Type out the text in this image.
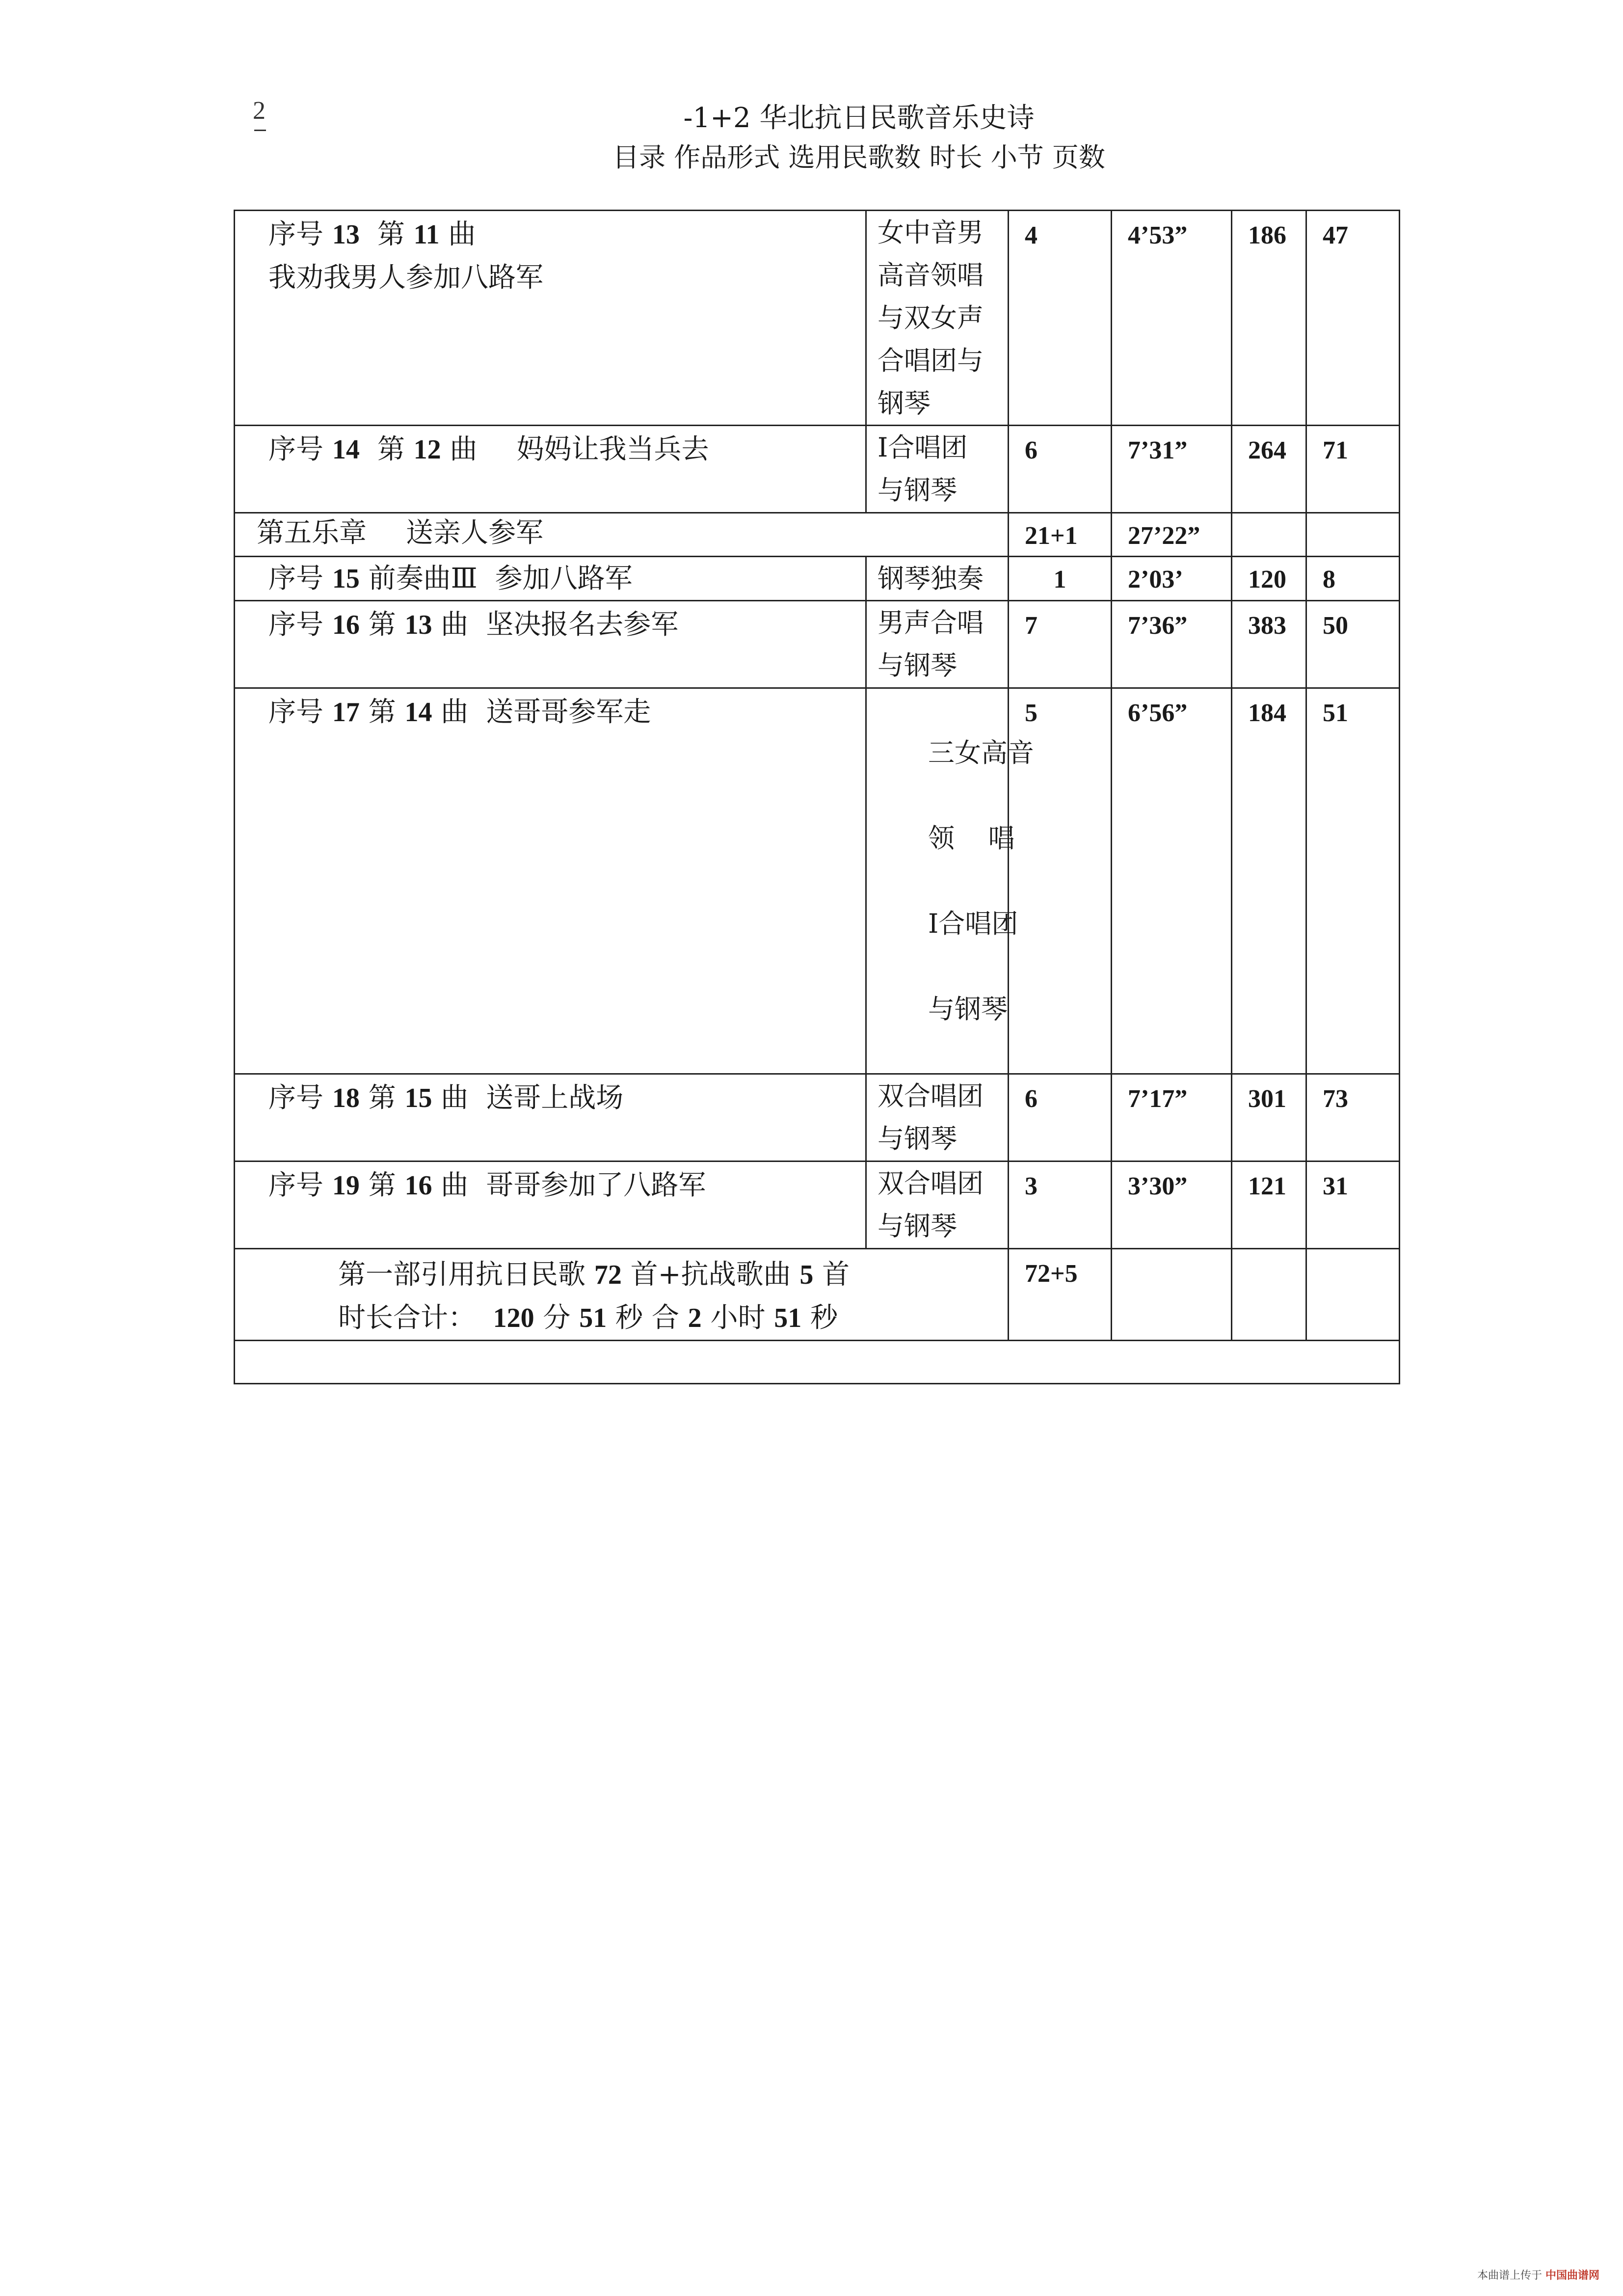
2	-1+2 华北抗日民歌音乐史诗
目录 作品形式 选用民歌数 时长 小节 页数
序号 13 第 11 曲
我劝我男人参加八路军	女中音男
高音领唱
与双女声
合唱团与
钢琴	4	4’53”	186	47
序号 14 第 12 曲 妈妈让我当兵去	Ⅰ合唱团
与钢琴	6	7’31”	264	71
第五乐章 送亲人参军		21+1	27’22”		
序号 15 前奏曲Ⅲ 参加八路军	钢琴独奏	1	2’03’	120	8
序号 16 第 13 曲 坚决报名去参军	男声合唱
与钢琴	7	7’36”	383	50
序号 17 第 14 曲 送哥哥参军走	三女高音

领    唱

Ⅰ合唱团

与钢琴	5	6’56”	184	51
序号 18 第 15 曲 送哥上战场	双合唱团
与钢琴	6	7’17”	301	73
序号 19 第 16 曲 哥哥参加了八路军	双合唱团
与钢琴	3	3’30”	121	31
第一部引用抗日民歌 72 首+抗战歌曲 5 首
时长合计： 120 分 51 秒 合 2 小时 51 秒		72+5			

本曲谱上传于 中国曲谱网
